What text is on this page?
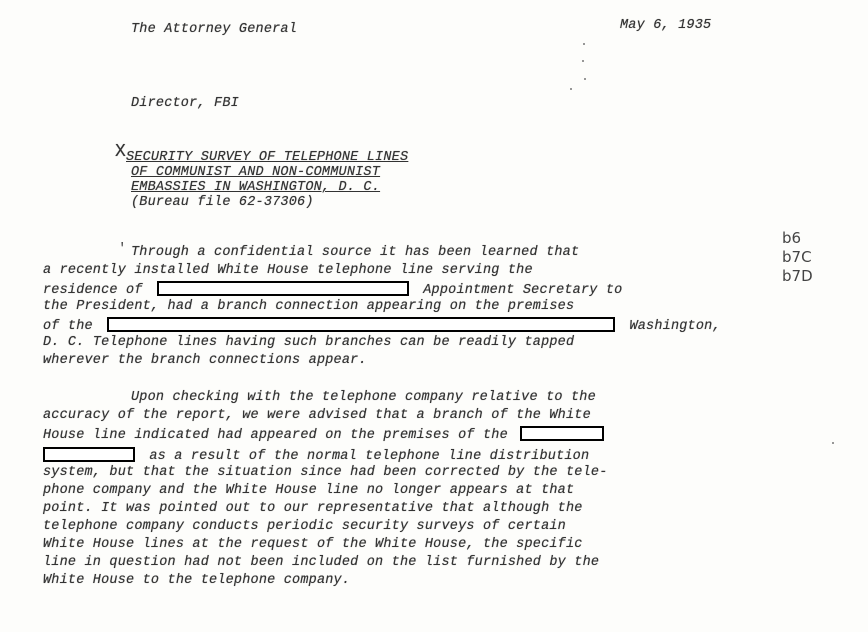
The Attorney General	May 6, 1935
Director, FBI
X SECURITY SURVEY OF TELEPHONE LINES
OF COMMUNIST AND NON-COMMUNIST
EMBASSIES IN WASHINGTON, D. C.
(Bureau file 62-37306)
b6
b7C
b7D
' Through a confidential source it has been learned that
a recently installed White House telephone line serving the
residence of	Appointment Secretary to
the President, had a branch connection appearing on the premises
of the	Washington,
D. C. Telephone lines having such branches can be readily tapped
wherever the branch connections appear.
Upon checking with the telephone company relative to the
accuracy of the report, we were advised that a branch of the White
House line indicated had appeared on the premises of the
as a result of the normal telephone line distribution
system, but that the situation since had been corrected by the tele-
phone company and the White House line no longer appears at that
point. It was pointed out to our representative that although the
telephone company conducts periodic security surveys of certain
White House lines at the request of the White House, the specific
line in question had not been included on the list furnished by the
White House to the telephone company.
